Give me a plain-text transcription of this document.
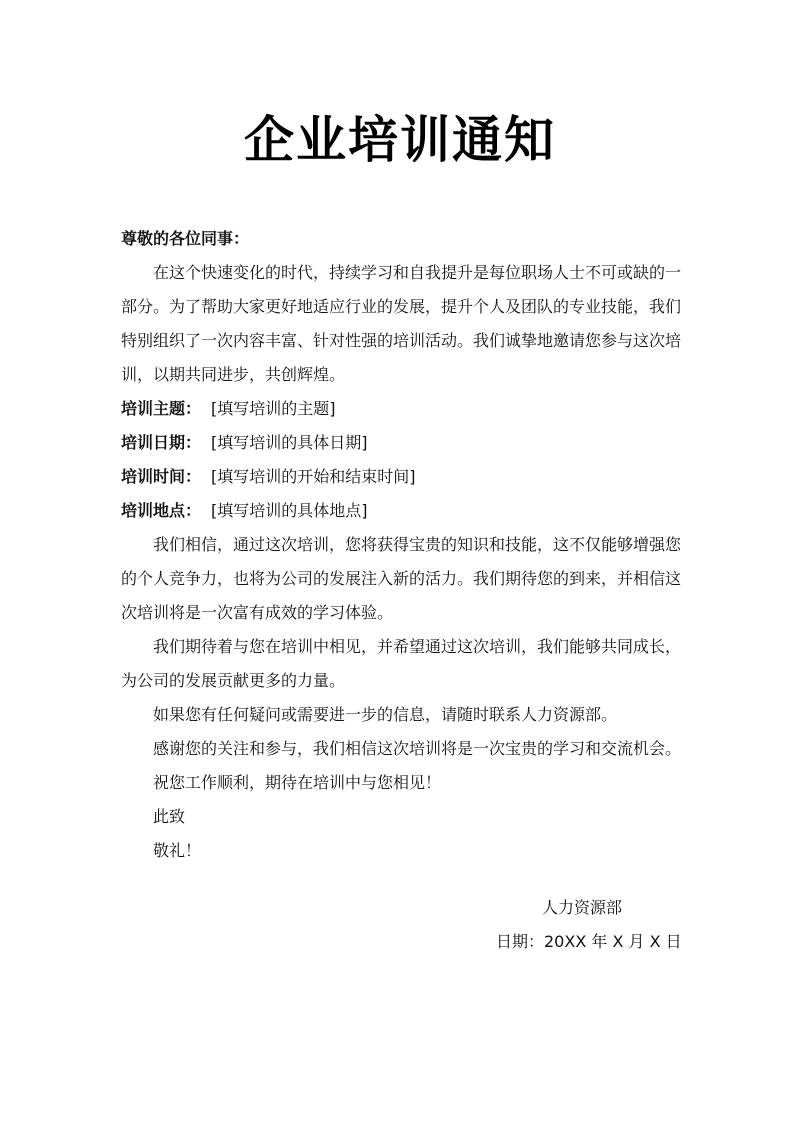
企业培训通知
尊敬的各位同事：
在这个快速变化的时代，持续学习和自我提升是每位职场人士不可或缺的一
部分。为了帮助大家更好地适应行业的发展，提升个人及团队的专业技能，我们
特别组织了一次内容丰富、针对性强的培训活动。我们诚挚地邀请您参与这次培
训，以期共同进步，共创辉煌。
培训主题： [填写培训的主题]
培训日期： [填写培训的具体日期]
培训时间： [填写培训的开始和结束时间]
培训地点： [填写培训的具体地点]
我们相信，通过这次培训，您将获得宝贵的知识和技能，这不仅能够增强您
的个人竞争力，也将为公司的发展注入新的活力。我们期待您的到来，并相信这
次培训将是一次富有成效的学习体验。
我们期待着与您在培训中相见，并希望通过这次培训，我们能够共同成长，
为公司的发展贡献更多的力量。
如果您有任何疑问或需要进一步的信息，请随时联系人力资源部。
感谢您的关注和参与，我们相信这次培训将是一次宝贵的学习和交流机会。
祝您工作顺利，期待在培训中与您相见！
此致
敬礼！
人力资源部
日期：20XX 年 X 月 X 日
